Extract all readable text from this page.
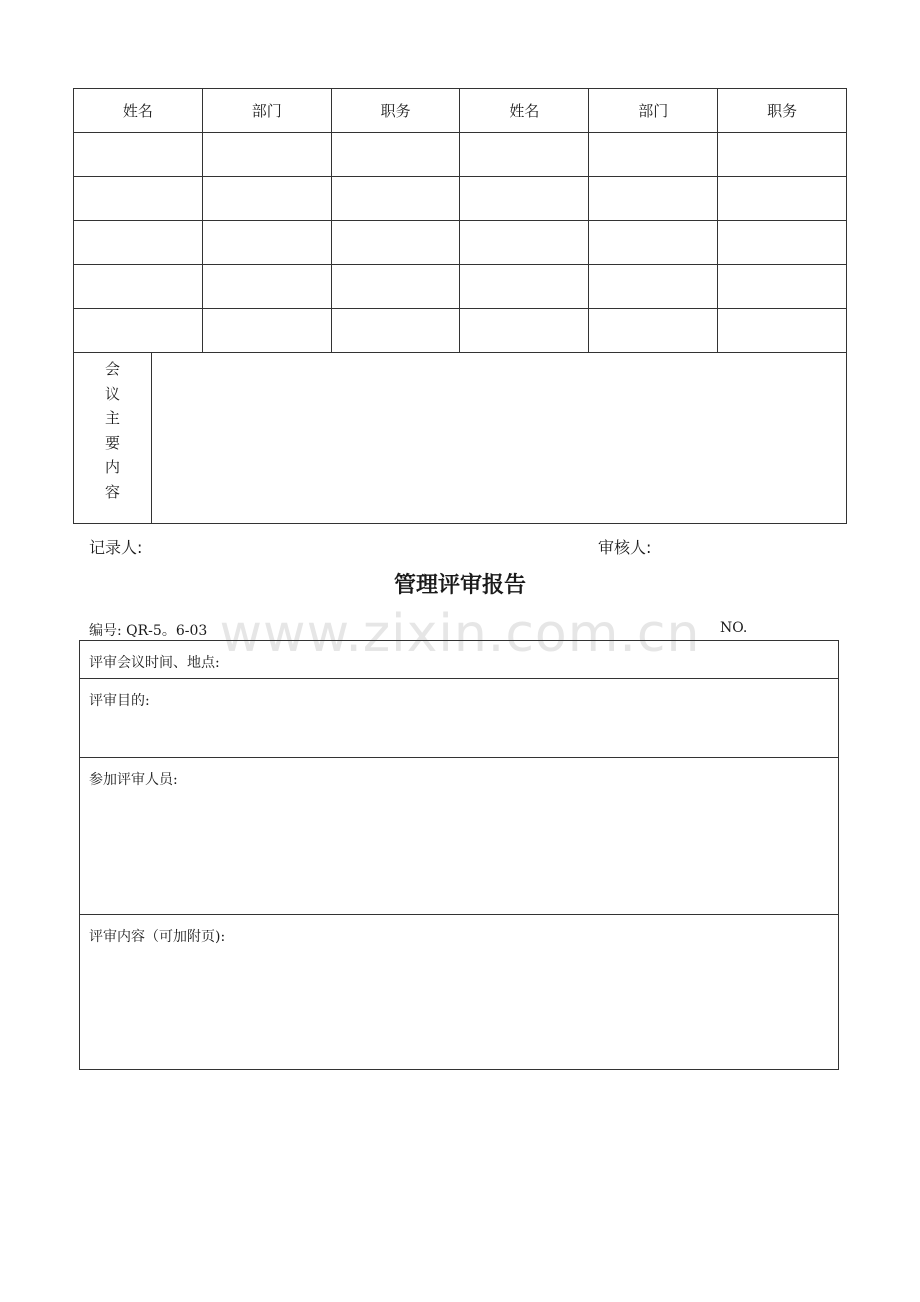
姓名	部门	职务	姓名	部门	职务

会
议
主
要
内
容
记录人:	审核人:
管理评审报告
www.zixin.com.cn
编号: QR-5。6-03	NO.
评审会议时间、地点:
评审目的:
参加评审人员:
评审内容（可加附页):
